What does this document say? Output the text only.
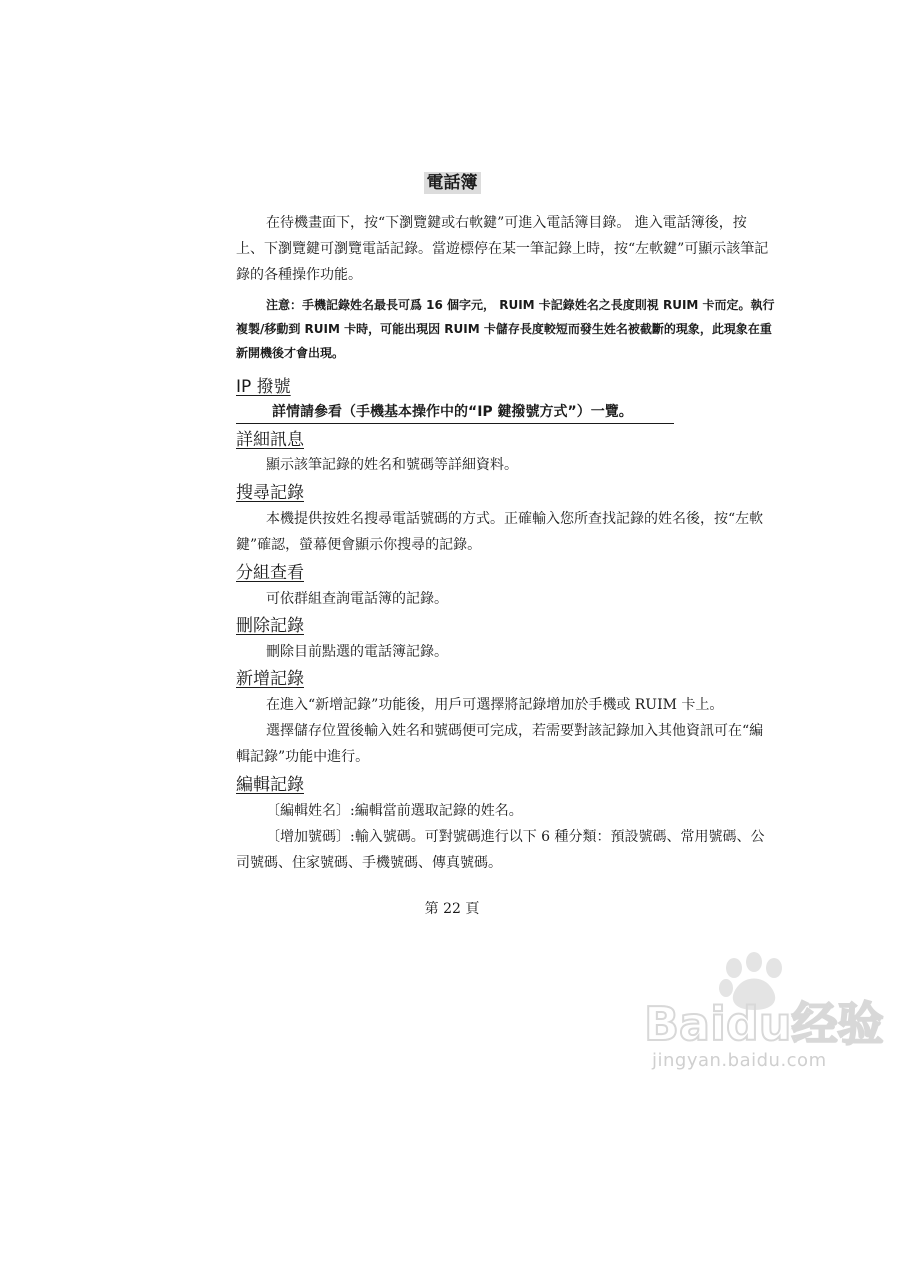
電話簿

在待機畫面下，按“下瀏覽鍵或右軟鍵”可進入電話簿目錄。 進入電話簿後，按上、下瀏覽鍵可瀏覽電話記錄。當遊標停在某一筆記錄上時，按“左軟鍵”可顯示該筆記錄的各種操作功能。

注意：手機記錄姓名最長可爲 16 個字元， RUIM 卡記錄姓名之長度則視 RUIM 卡而定。執行複製/移動到 RUIM 卡時，可能出現因 RUIM 卡儲存長度較短而發生姓名被截斷的現象，此現象在重新開機後才會出現。

IP 撥號
詳情請參看（手機基本操作中的“IP 鍵撥號方式”）一覽。
詳細訊息

顯示該筆記錄的姓名和號碼等詳細資料。

搜尋記錄

本機提供按姓名搜尋電話號碼的方式。正確輸入您所查找記錄的姓名後，按“左軟鍵”確認，螢幕便會顯示你搜尋的記錄。

分組查看

可依群組查詢電話簿的記錄。

刪除記錄

刪除目前點選的電話簿記錄。

新增記錄

在進入“新增記錄”功能後，用戶可選擇將記錄增加於手機或 RUIM 卡上。

選擇儲存位置後輸入姓名和號碼便可完成，若需要對該記錄加入其他資訊可在“編輯記錄”功能中進行。

編輯記錄

〔編輯姓名〕:編輯當前選取記錄的姓名。

〔增加號碼〕:輸入號碼。可對號碼進行以下 6 種分類：預設號碼、常用號碼、公司號碼、住家號碼、手機號碼、傳真號碼。

第 22 頁
Baidu经验
jingyan.baidu.com
